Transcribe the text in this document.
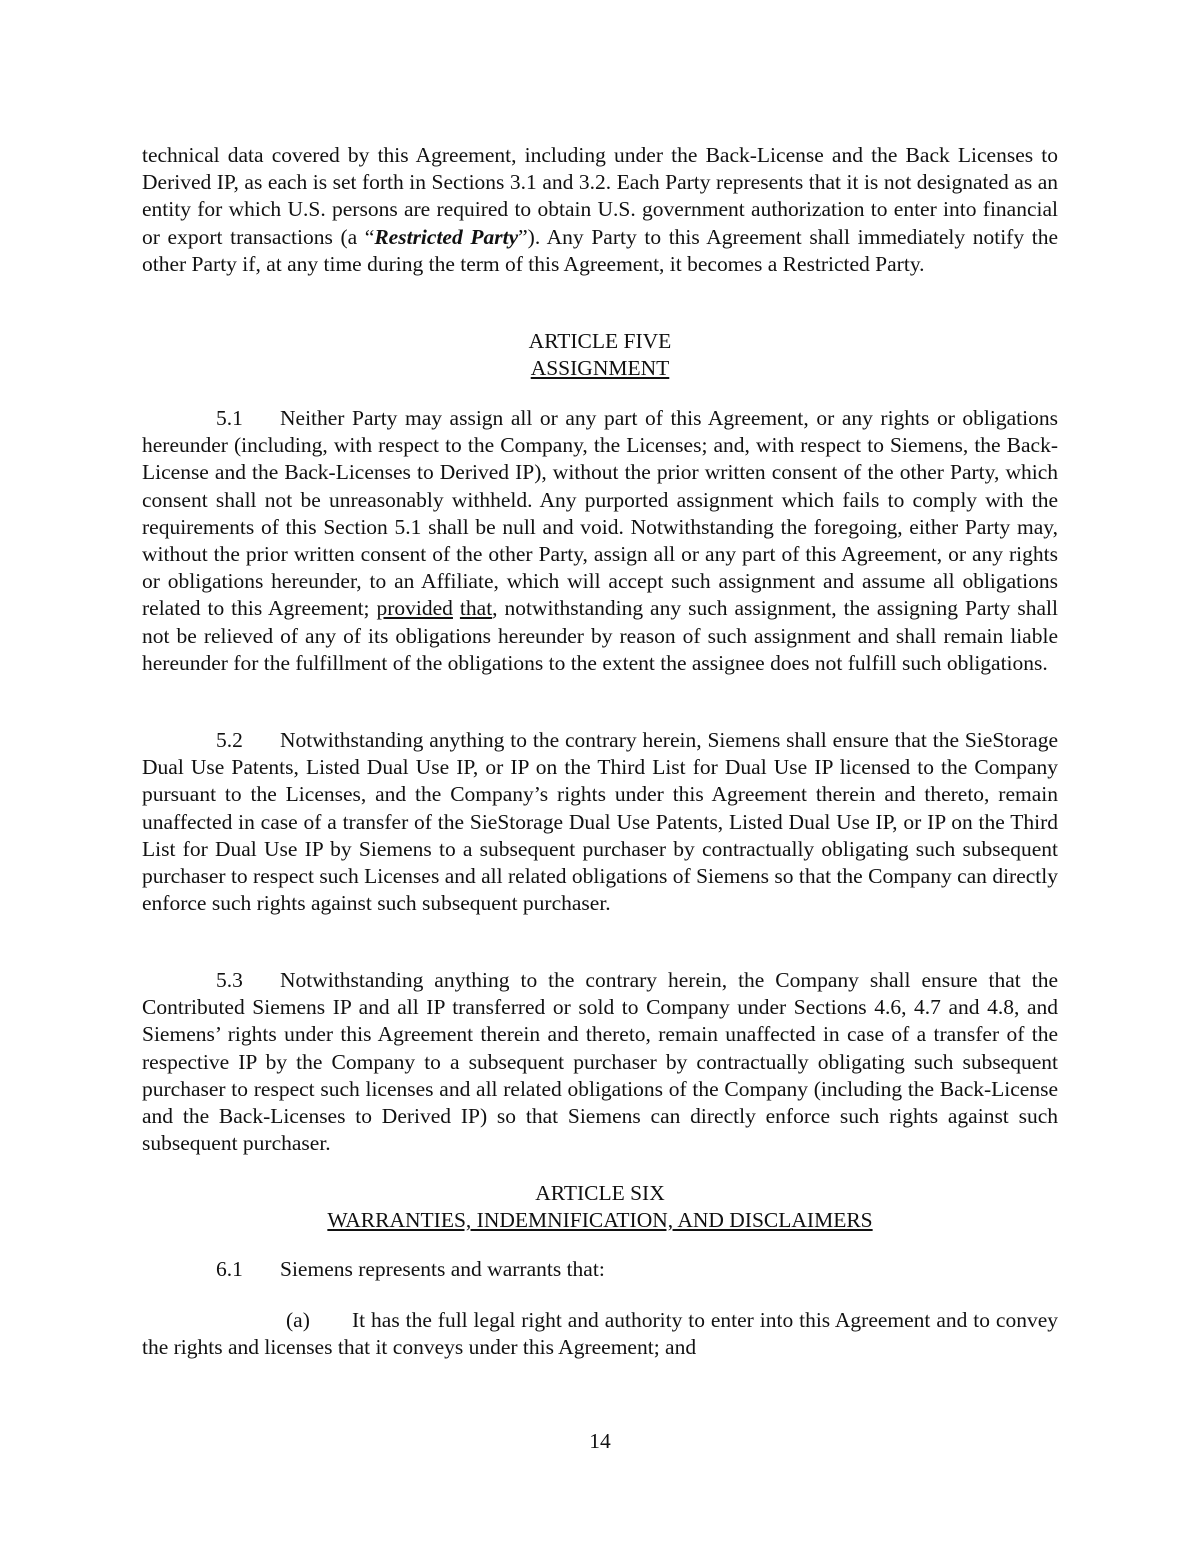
technical data covered by this Agreement, including under the Back-License and the Back Licenses to Derived IP, as each is set forth in Sections 3.1 and 3.2. Each Party represents that it is not designated as an entity for which U.S. persons are required to obtain U.S. government authorization to enter into financial or export transactions (a “Restricted Party”). Any Party to this Agreement shall immediately notify the other Party if, at any time during the term of this Agreement, it becomes a Restricted Party.

ARTICLE FIVE
ASSIGNMENT

5.1 Neither Party may assign all or any part of this Agreement, or any rights or obligations hereunder (including, with respect to the Company, the Licenses; and, with respect to Siemens, the Back-License and the Back-Licenses to Derived IP), without the prior written consent of the other Party, which consent shall not be unreasonably withheld. Any purported assignment which fails to comply with the requirements of this Section 5.1 shall be null and void. Notwithstanding the foregoing, either Party may, without the prior written consent of the other Party, assign all or any part of this Agreement, or any rights or obligations hereunder, to an Affiliate, which will accept such assignment and assume all obligations related to this Agreement; provided that, notwithstanding any such assignment, the assigning Party shall not be relieved of any of its obligations hereunder by reason of such assignment and shall remain liable hereunder for the fulfillment of the obligations to the extent the assignee does not fulfill such obligations.

5.2 Notwithstanding anything to the contrary herein, Siemens shall ensure that the SieStorage Dual Use Patents, Listed Dual Use IP, or IP on the Third List for Dual Use IP licensed to the Company pursuant to the Licenses, and the Company’s rights under this Agreement therein and thereto, remain unaffected in case of a transfer of the SieStorage Dual Use Patents, Listed Dual Use IP, or IP on the Third List for Dual Use IP by Siemens to a subsequent purchaser by contractually obligating such subsequent purchaser to respect such Licenses and all related obligations of Siemens so that the Company can directly enforce such rights against such subsequent purchaser.

5.3 Notwithstanding anything to the contrary herein, the Company shall ensure that the Contributed Siemens IP and all IP transferred or sold to Company under Sections 4.6, 4.7 and 4.8, and Siemens’ rights under this Agreement therein and thereto, remain unaffected in case of a transfer of the respective IP by the Company to a subsequent purchaser by contractually obligating such subsequent purchaser to respect such licenses and all related obligations of the Company (including the Back-License and the Back-Licenses to Derived IP) so that Siemens can directly enforce such rights against such subsequent purchaser.

ARTICLE SIX
WARRANTIES, INDEMNIFICATION, AND DISCLAIMERS

6.1 Siemens represents and warrants that:

(a) It has the full legal right and authority to enter into this Agreement and to convey the rights and licenses that it conveys under this Agreement; and

14
